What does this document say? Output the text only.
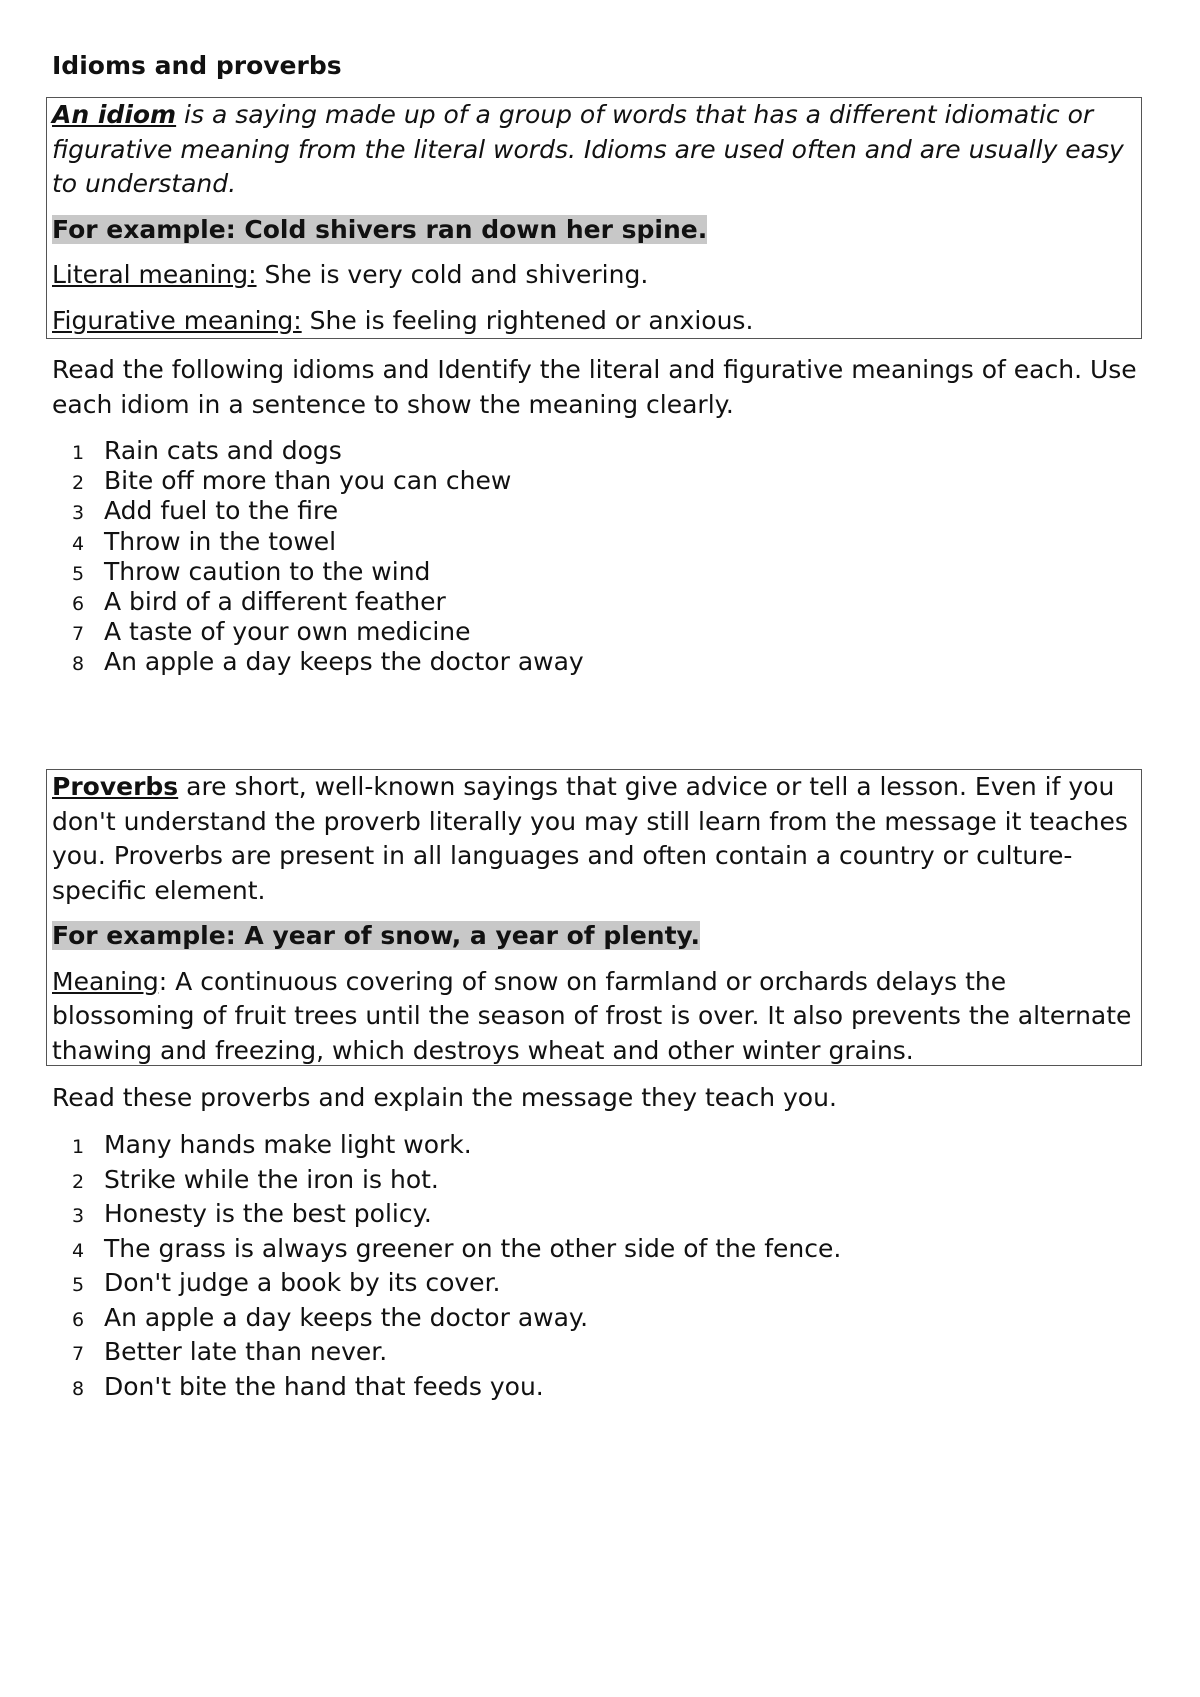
Idioms and proverbs

An idiom is a saying made up of a group of words that has a different idiomatic or figurative meaning from the literal words. Idioms are used often and are usually easy to understand.

For example: Cold shivers ran down her spine.

Literal meaning: She is very cold and shivering.

Figurative meaning: She is feeling rightened or anxious.

Read the following idioms and Identify the literal and figurative meanings of each. Use each idiom in a sentence to show the meaning clearly.

1 Rain cats and dogs
2 Bite off more than you can chew
3 Add fuel to the fire
4 Throw in the towel
5 Throw caution to the wind
6 A bird of a different feather
7 A taste of your own medicine
8 An apple a day keeps the doctor away

Proverbs are short, well-known sayings that give advice or tell a lesson. Even if you don't understand the proverb literally you may still learn from the message it teaches you. Proverbs are present in all languages and often contain a country or culture-specific element.

For example: A year of snow, a year of plenty.

Meaning: A continuous covering of snow on farmland or orchards delays the blossoming of fruit trees until the season of frost is over. It also prevents the alternate thawing and freezing, which destroys wheat and other winter grains.

Read these proverbs and explain the message they teach you.

1 Many hands make light work.
2 Strike while the iron is hot.
3 Honesty is the best policy.
4 The grass is always greener on the other side of the fence.
5 Don't judge a book by its cover.
6 An apple a day keeps the doctor away.
7 Better late than never.
8 Don't bite the hand that feeds you.
